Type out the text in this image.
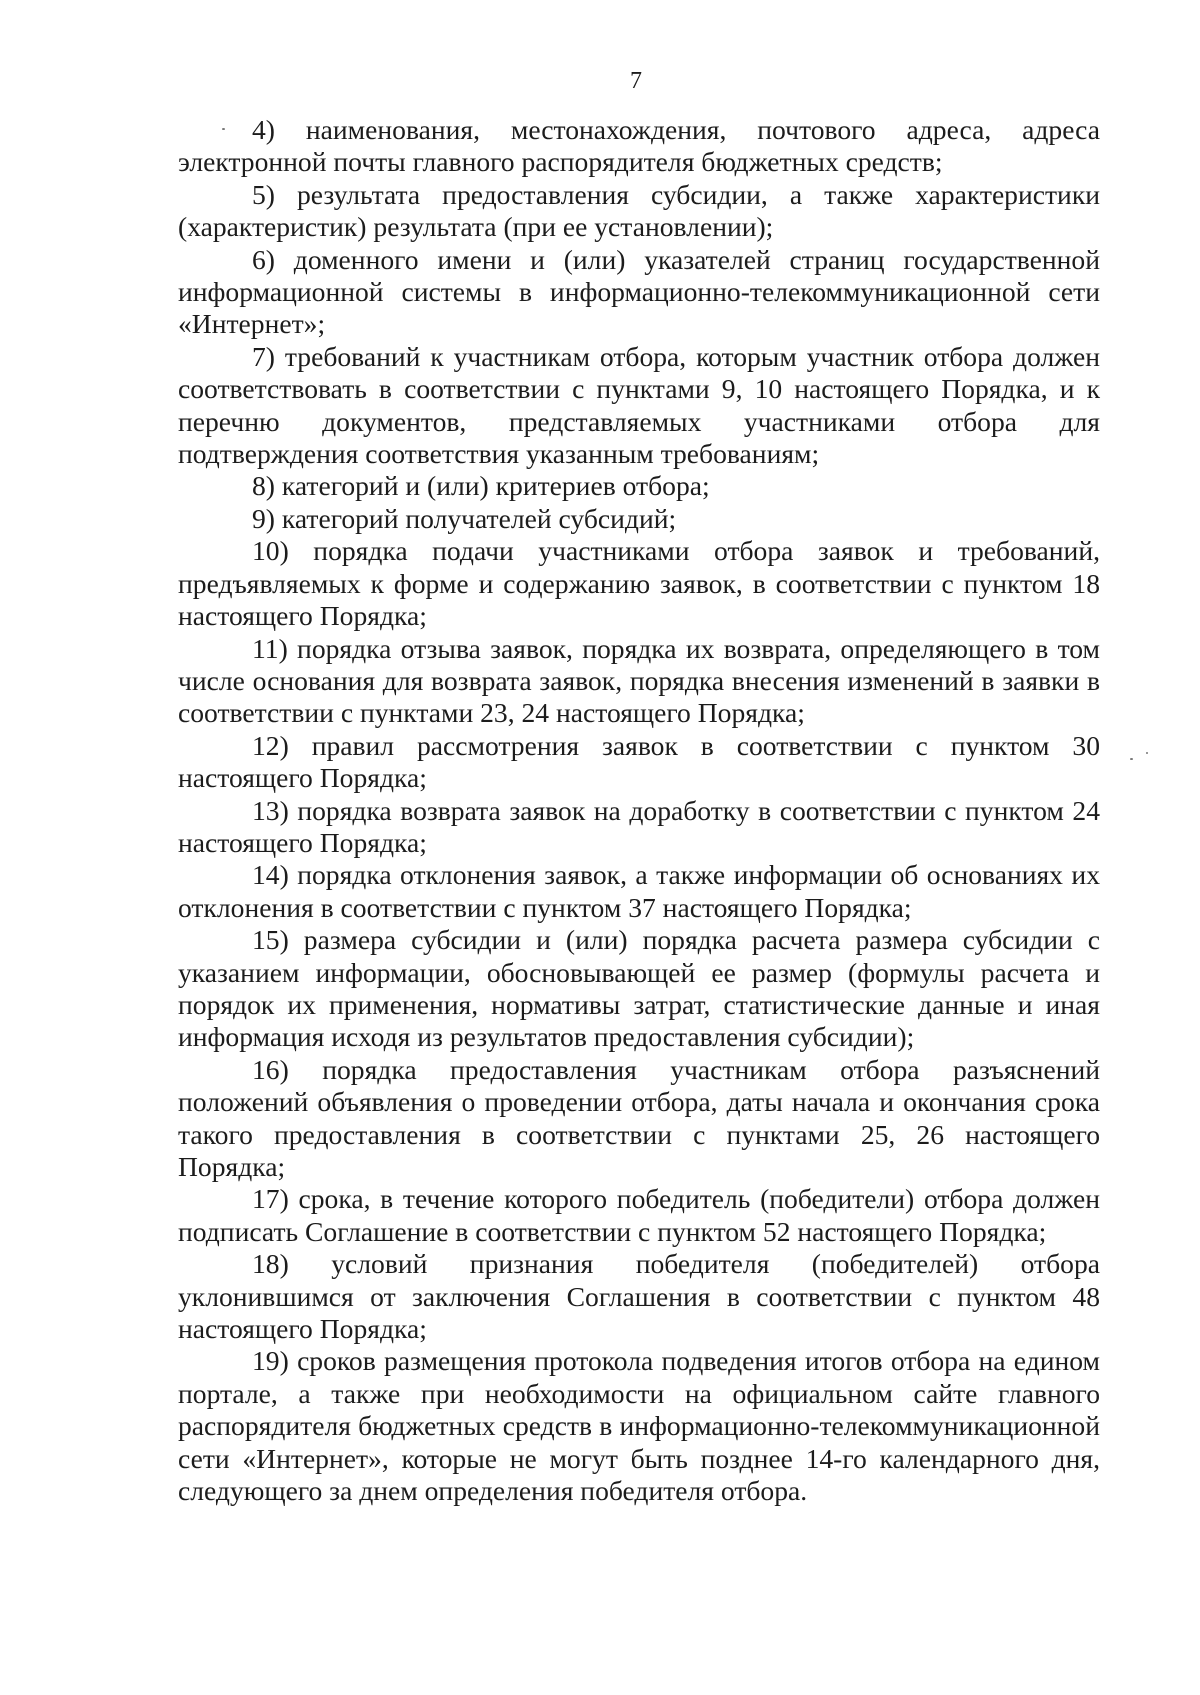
7

4) наименования, местонахождения, почтового адреса, адреса электронной почты главного распорядителя бюджетных средств;

5) результата предоставления субсидии, а также характеристики (характеристик) результата (при ее установлении);

6) доменного имени и (или) указателей страниц государственной информационной системы в информационно-телекоммуникационной сети «Интернет»;

7) требований к участникам отбора, которым участник отбора должен соответствовать в соответствии с пунктами 9, 10 настоящего Порядка, и к перечню документов, представляемых участниками отбора для подтверждения соответствия указанным требованиям;

8) категорий и (или) критериев отбора;

9) категорий получателей субсидий;

10) порядка подачи участниками отбора заявок и требований, предъявляемых к форме и содержанию заявок, в соответствии с пунктом 18 настоящего Порядка;

11) порядка отзыва заявок, порядка их возврата, определяющего в том числе основания для возврата заявок, порядка внесения изменений в заявки в соответствии с пунктами 23, 24 настоящего Порядка;

12) правил рассмотрения заявок в соответствии с пунктом 30 настоящего Порядка;

13) порядка возврата заявок на доработку в соответствии с пунктом 24 настоящего Порядка;

14) порядка отклонения заявок, а также информации об основаниях их отклонения в соответствии с пунктом 37 настоящего Порядка;

15) размера субсидии и (или) порядка расчета размера субсидии с указанием информации, обосновывающей ее размер (формулы расчета и порядок их применения, нормативы затрат, статистические данные и иная информация исходя из результатов предоставления субсидии);

16) порядка предоставления участникам отбора разъяснений положений объявления о проведении отбора, даты начала и окончания срока такого предоставления в соответствии с пунктами 25, 26 настоящего Порядка;

17) срока, в течение которого победитель (победители) отбора должен подписать Соглашение в соответствии с пунктом 52 настоящего Порядка;

18) условий признания победителя (победителей) отбора уклонившимся от заключения Соглашения в соответствии с пунктом 48 настоящего Порядка;

19) сроков размещения протокола подведения итогов отбора на едином портале, а также при необходимости на официальном сайте главного распорядителя бюджетных средств в информационно-телекоммуникационной сети «Интернет», которые не могут быть позднее 14-го календарного дня, следующего за днем определения победителя отбора.
